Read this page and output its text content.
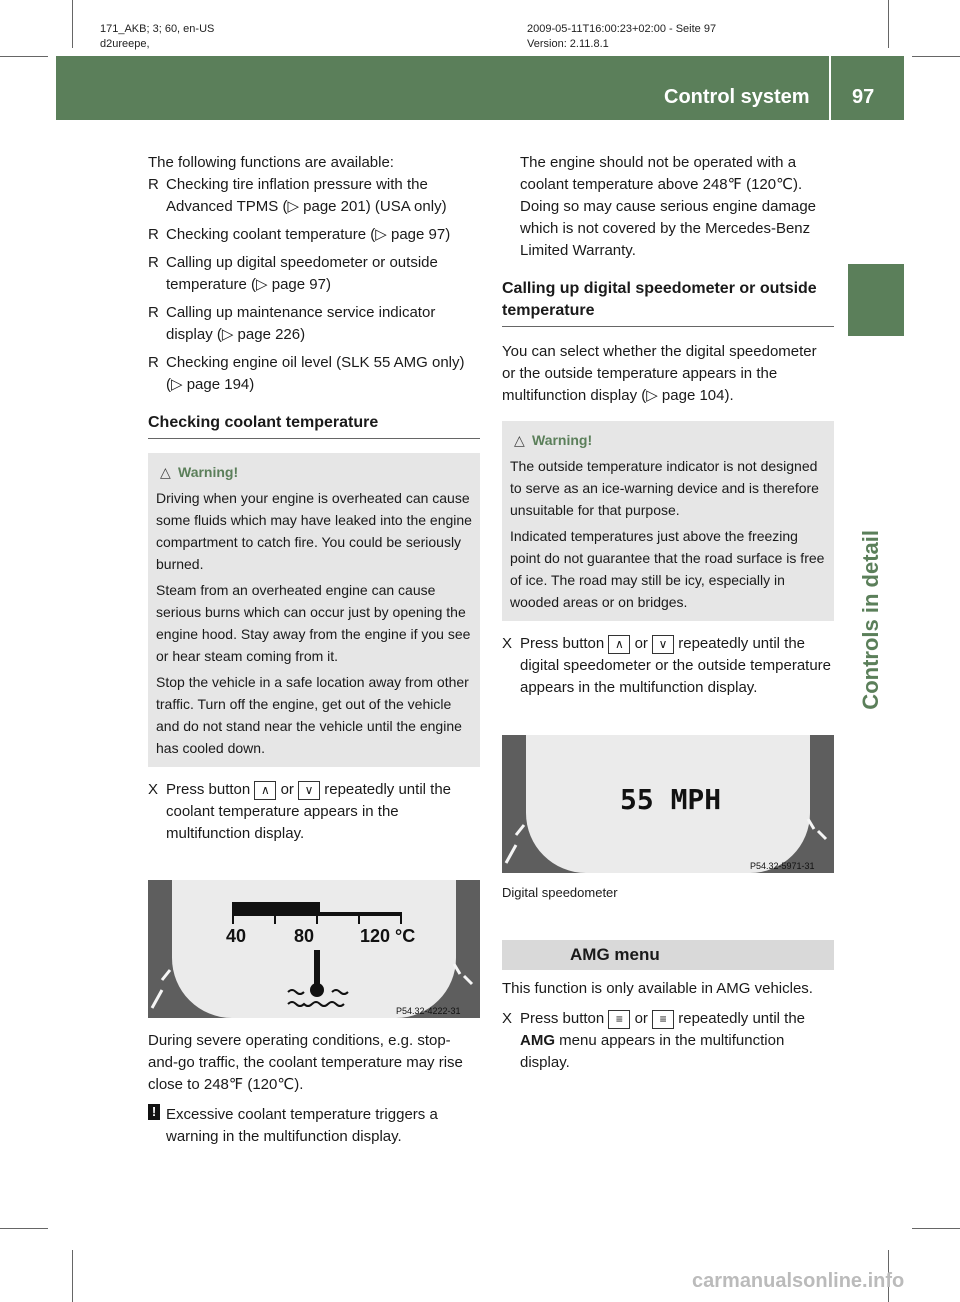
171_AKB; 3; 60, en-US
d2ureepe,
2009-05-11T16:00:23+02:00 - Seite 97
Version: 2.11.8.1
Control system 97
Controls in detail

The following functions are available:

R Checking tire inflation pressure with the Advanced TPMS (▷ page 201) (USA only)

R Checking coolant temperature (▷ page 97)

R Calling up digital speedometer or outside temperature (▷ page 97)

R Calling up maintenance service indicator display (▷ page 226)

R Checking engine oil level (SLK 55 AMG only) (▷ page 194)

Checking coolant temperature

△ Warning!

Driving when your engine is overheated can cause some fluids which may have leaked into the engine compartment to catch fire. You could be seriously burned.

Steam from an overheated engine can cause serious burns which can occur just by opening the engine hood. Stay away from the engine if you see or hear steam coming from it.

Stop the vehicle in a safe location away from other traffic. Turn off the engine, get out of the vehicle and do not stand near the vehicle until the engine has cooled down.

X Press button ∧ or ∨ repeatedly until the coolant temperature appears in the multifunction display.

40	80	120 °C
P54.32-4222-31

During severe operating conditions, e.g. stop-and-go traffic, the coolant temperature may rise close to 248℉ (120℃).

! Excessive coolant temperature triggers a warning in the multifunction display.

The engine should not be operated with a coolant temperature above 248℉ (120℃). Doing so may cause serious engine damage which is not covered by the Mercedes-Benz Limited Warranty.

Calling up digital speedometer or outside temperature

You can select whether the digital speedometer or the outside temperature appears in the multifunction display (▷ page 104).

△ Warning!

The outside temperature indicator is not designed to serve as an ice-warning device and is therefore unsuitable for that purpose.

Indicated temperatures just above the freezing point do not guarantee that the road surface is free of ice. The road may still be icy, especially in wooded areas or on bridges.

X Press button ∧ or ∨ repeatedly until the digital speedometer or the outside temperature appears in the multifunction display.

55 MPH
P54.32-5971-31

Digital speedometer

AMG menu

This function is only available in AMG vehicles.

X Press button ≡ or ≡ repeatedly until the AMG menu appears in the multifunction display.

carmanualsonline.info
